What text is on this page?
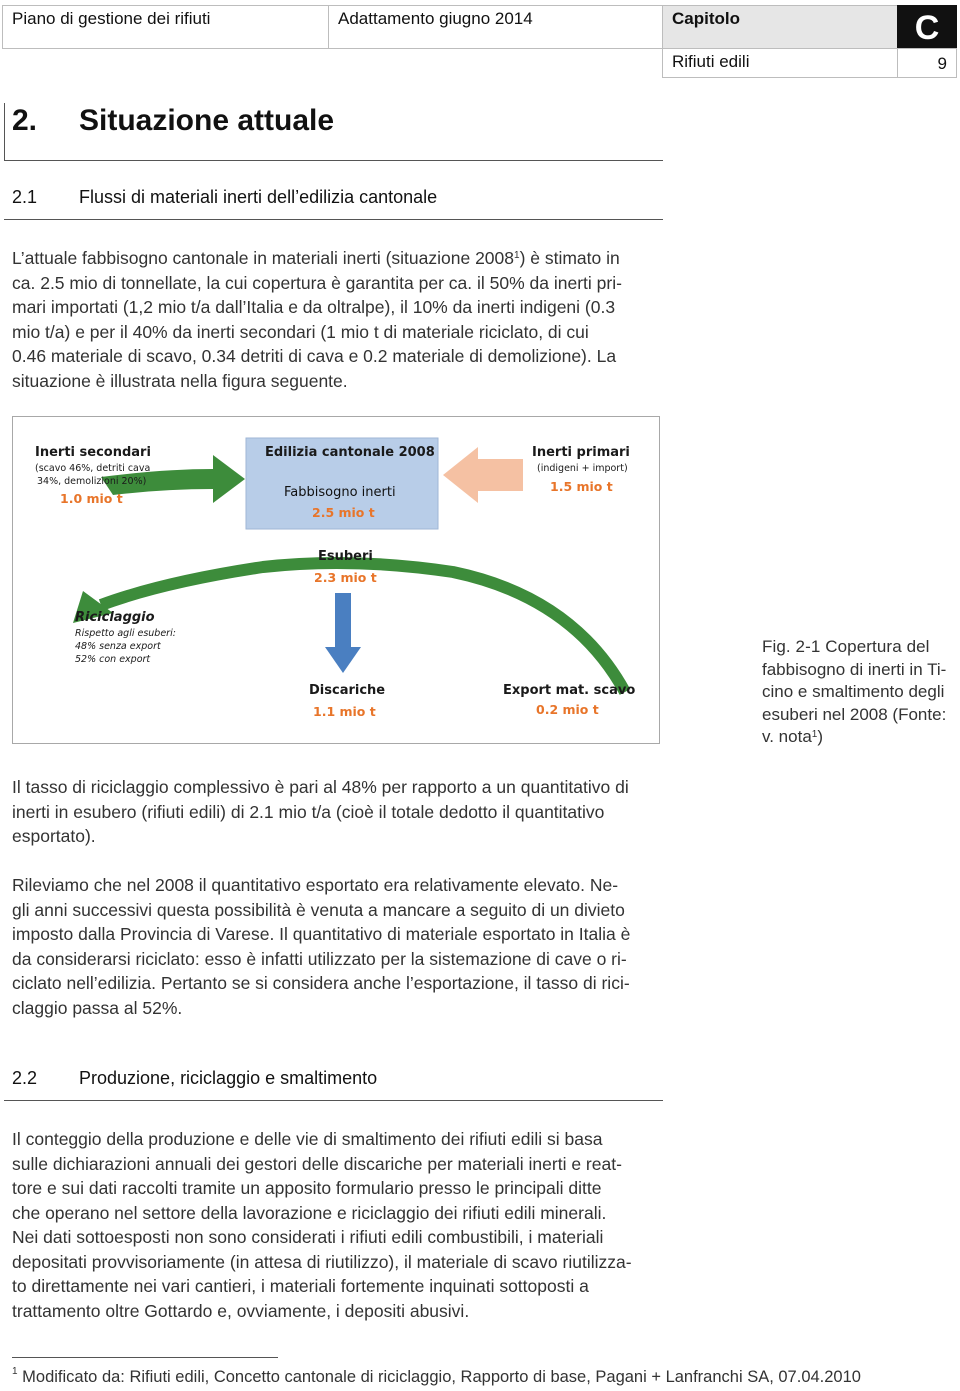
Piano di gestione dei rifiuti	Adattamento giugno 2014	Capitolo	C
Rifiuti edili	9
2. Situazione attuale
2.1 Flussi di materiali inerti dell’edilizia cantonale
L’attuale fabbisogno cantonale in materiali inerti (situazione 2008$^1$) è stimato in
ca. 2.5 mio di tonnellate, la cui copertura è garantita per ca. il 50% da inerti pri-
mari importati (1,2 mio t/a dall’Italia e da oltralpe), il 10% da inerti indigeni (0.3
mio t/a) e per il 40% da inerti secondari (1 mio t di materiale riciclato, di cui
0.46 materiale di scavo, 0.34 detriti di cava e 0.2 materiale di demolizione). La
situazione è illustrata nella figura seguente.
Inerti secondari
(scavo 46%, detriti cava
34%, demolizioni 20%)
1.0 mio t
Edilizia cantonale 2008
Fabbisogno inerti
2.5 mio t
Inerti primari
(indigeni + import)
1.5 mio t
Esuberi
2.3 mio t
Riciclaggio
Rispetto agli esuberi:
48% senza export
52% con export
Discariche
1.1 mio t
Export mat. scavo
0.2 mio t
Fig. 2-1 Copertura del
fabbisogno di inerti in Ti-
cino e smaltimento degli
esuberi nel 2008 (Fonte:
v. nota$^1$)
Il tasso di riciclaggio complessivo è pari al 48% per rapporto a un quantitativo di
inerti in esubero (rifiuti edili) di 2.1 mio t/a (cioè il totale dedotto il quantitativo
esportato).
Rileviamo che nel 2008 il quantitativo esportato era relativamente elevato. Ne-
gli anni successivi questa possibilità è venuta a mancare a seguito di un divieto
imposto dalla Provincia di Varese. Il quantitativo di materiale esportato in Italia è
da considerarsi riciclato: esso è infatti utilizzato per la sistemazione di cave o ri-
ciclato nell’edilizia. Pertanto se si considera anche l’esportazione, il tasso di rici-
claggio passa al 52%.
2.2 Produzione, riciclaggio e smaltimento
Il conteggio della produzione e delle vie di smaltimento dei rifiuti edili si basa
sulle dichiarazioni annuali dei gestori delle discariche per materiali inerti e reat-
tore e sui dati raccolti tramite un apposito formulario presso le principali ditte
che operano nel settore della lavorazione e riciclaggio dei rifiuti edili minerali.
Nei dati sottoesposti non sono considerati i rifiuti edili combustibili, i materiali
depositati provvisoriamente (in attesa di riutilizzo), il materiale di scavo riutilizza-
to direttamente nei vari cantieri, i materiali fortemente inquinati sottoposti a
trattamento oltre Gottardo e, ovviamente, i depositi abusivi.
$^1$ Modificato da: Rifiuti edili, Concetto cantonale di riciclaggio, Rapporto di base, Pagani + Lanfranchi SA, 07.04.2010
